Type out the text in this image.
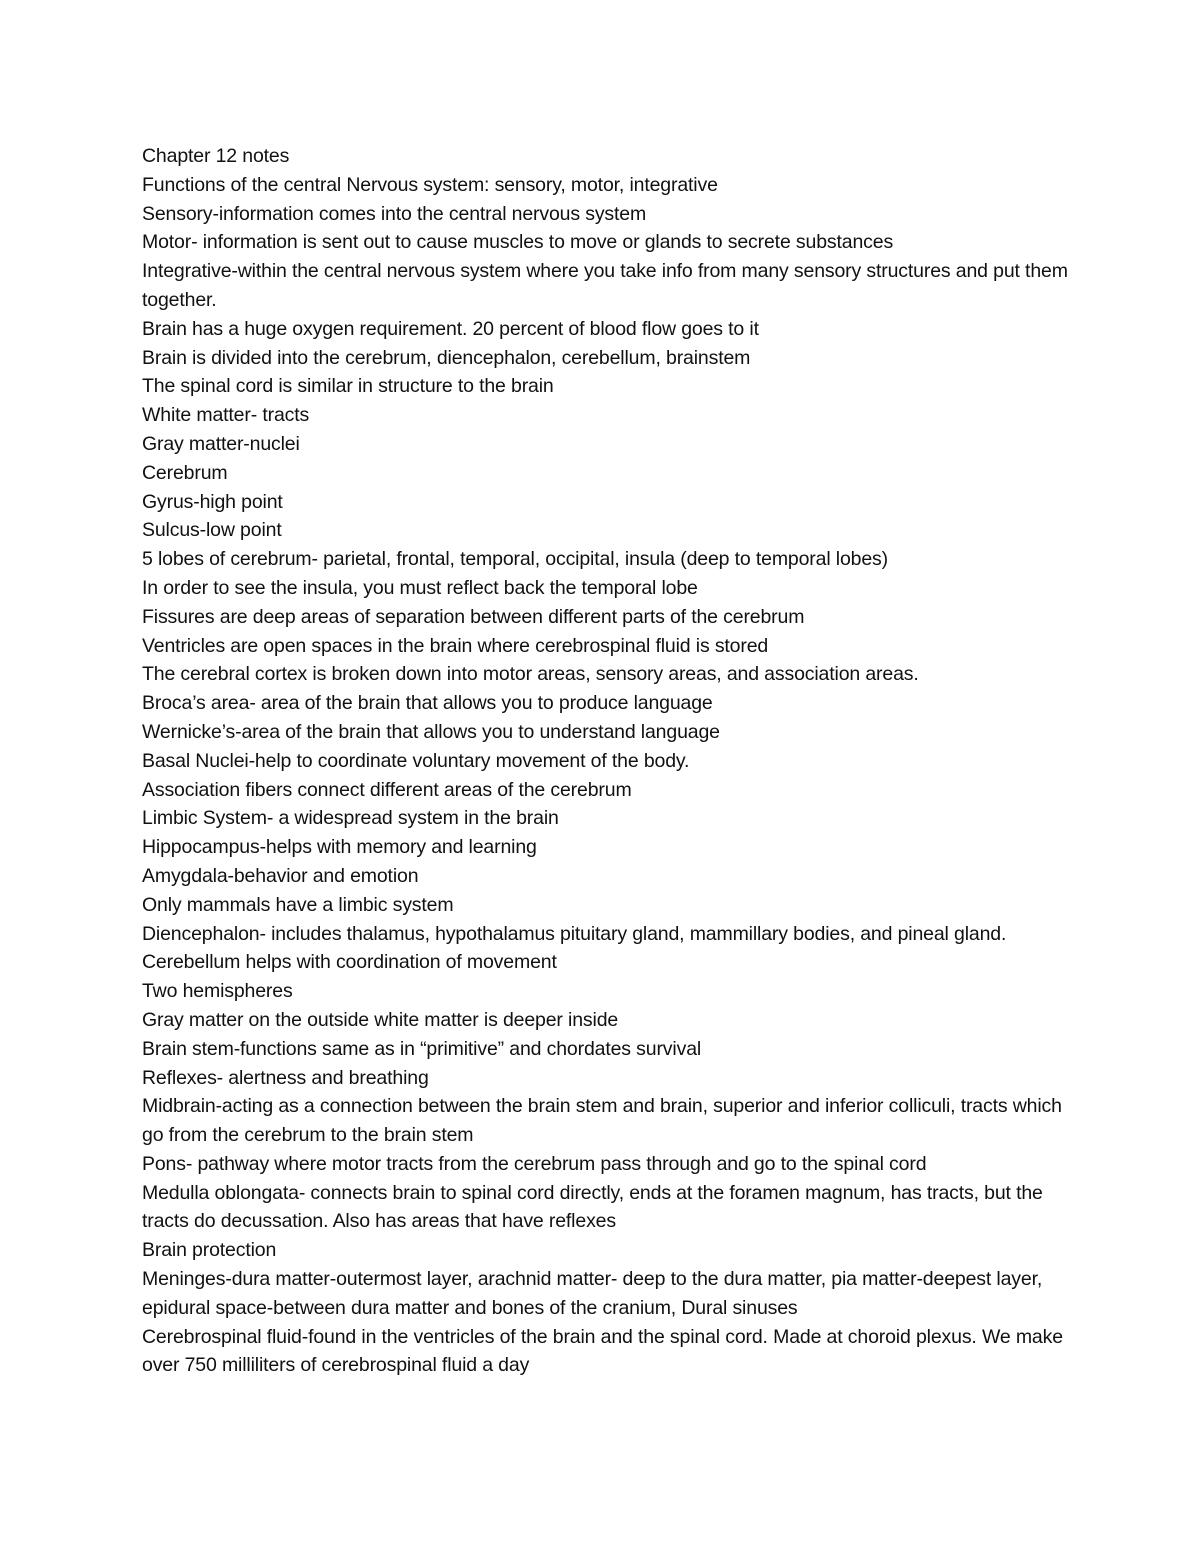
Chapter 12 notes

Functions of the central Nervous system: sensory, motor, integrative

Sensory-information comes into the central nervous system

Motor- information is sent out to cause muscles to move or glands to secrete substances

Integrative-within the central nervous system where you take info from many sensory structures and put them together.

Brain has a huge oxygen requirement. 20 percent of blood flow goes to it

Brain is divided into the cerebrum, diencephalon, cerebellum, brainstem

The spinal cord is similar in structure to the brain

White matter- tracts

Gray matter-nuclei

Cerebrum

Gyrus-high point

Sulcus-low point

5 lobes of cerebrum- parietal, frontal, temporal, occipital, insula (deep to temporal lobes)

In order to see the insula, you must reflect back the temporal lobe

Fissures are deep areas of separation between different parts of the cerebrum

Ventricles are open spaces in the brain where cerebrospinal fluid is stored

The cerebral cortex is broken down into motor areas, sensory areas, and association areas.

Broca’s area- area of the brain that allows you to produce language

Wernicke’s-area of the brain that allows you to understand language

Basal Nuclei-help to coordinate voluntary movement of the body.

Association fibers connect different areas of the cerebrum

Limbic System- a widespread system in the brain

Hippocampus-helps with memory and learning

Amygdala-behavior and emotion

Only mammals have a limbic system

Diencephalon- includes thalamus, hypothalamus pituitary gland, mammillary bodies, and pineal gland.

Cerebellum helps with coordination of movement

Two hemispheres

Gray matter on the outside white matter is deeper inside

Brain stem-functions same as in “primitive” and chordates survival

Reflexes- alertness and breathing

Midbrain-acting as a connection between the brain stem and brain, superior and inferior colliculi, tracts which go from the cerebrum to the brain stem

Pons- pathway where motor tracts from the cerebrum pass through and go to the spinal cord

Medulla oblongata- connects brain to spinal cord directly, ends at the foramen magnum, has tracts, but the tracts do decussation. Also has areas that have reflexes

Brain protection

Meninges-dura matter-outermost layer, arachnid matter- deep to the dura matter, pia matter-deepest layer, epidural space-between dura matter and bones of the cranium, Dural sinuses

Cerebrospinal fluid-found in the ventricles of the brain and the spinal cord. Made at choroid plexus. We make over 750 milliliters of cerebrospinal fluid a day
